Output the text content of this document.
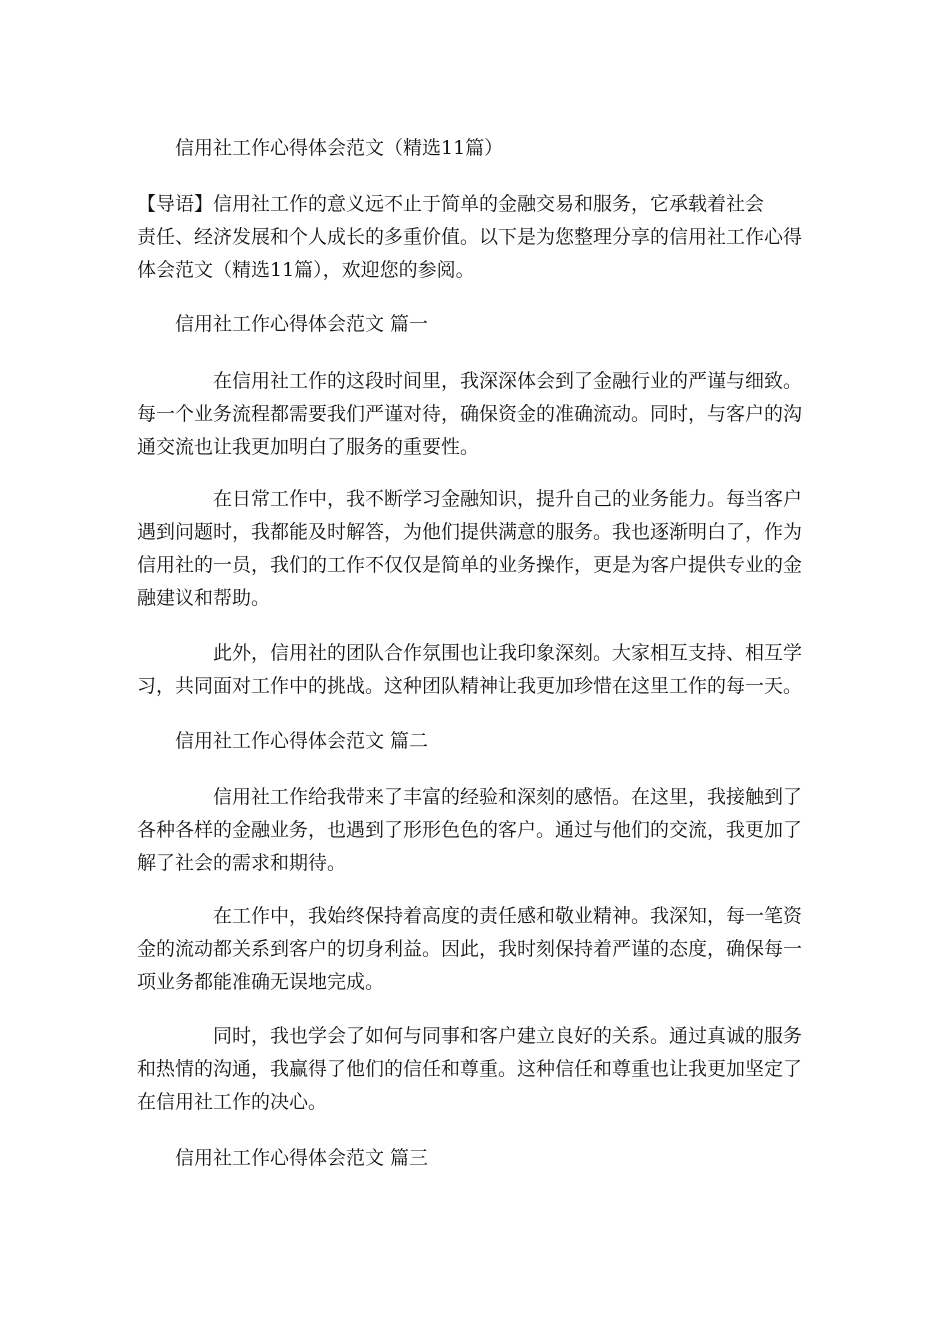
信用社工作心得体会范文（精选11篇）

【导语】信用社工作的意义远不止于简单的金融交易和服务，它承载着社会
责任、经济发展和个人成长的多重价值。以下是为您整理分享的信用社工作心得
体会范文（精选11篇），欢迎您的参阅。

信用社工作心得体会范文 篇一

在信用社工作的这段时间里，我深深体会到了金融行业的严谨与细致。
每一个业务流程都需要我们严谨对待，确保资金的准确流动。同时，与客户的沟
通交流也让我更加明白了服务的重要性。
在日常工作中，我不断学习金融知识，提升自己的业务能力。每当客户
遇到问题时，我都能及时解答，为他们提供满意的服务。我也逐渐明白了，作为
信用社的一员，我们的工作不仅仅是简单的业务操作，更是为客户提供专业的金
融建议和帮助。
此外，信用社的团队合作氛围也让我印象深刻。大家相互支持、相互学
习，共同面对工作中的挑战。这种团队精神让我更加珍惜在这里工作的每一天。

信用社工作心得体会范文 篇二

信用社工作给我带来了丰富的经验和深刻的感悟。在这里，我接触到了
各种各样的金融业务，也遇到了形形色色的客户。通过与他们的交流，我更加了
解了社会的需求和期待。
在工作中，我始终保持着高度的责任感和敬业精神。我深知，每一笔资
金的流动都关系到客户的切身利益。因此，我时刻保持着严谨的态度，确保每一
项业务都能准确无误地完成。
同时，我也学会了如何与同事和客户建立良好的关系。通过真诚的服务
和热情的沟通，我赢得了他们的信任和尊重。这种信任和尊重也让我更加坚定了
在信用社工作的决心。

信用社工作心得体会范文 篇三
